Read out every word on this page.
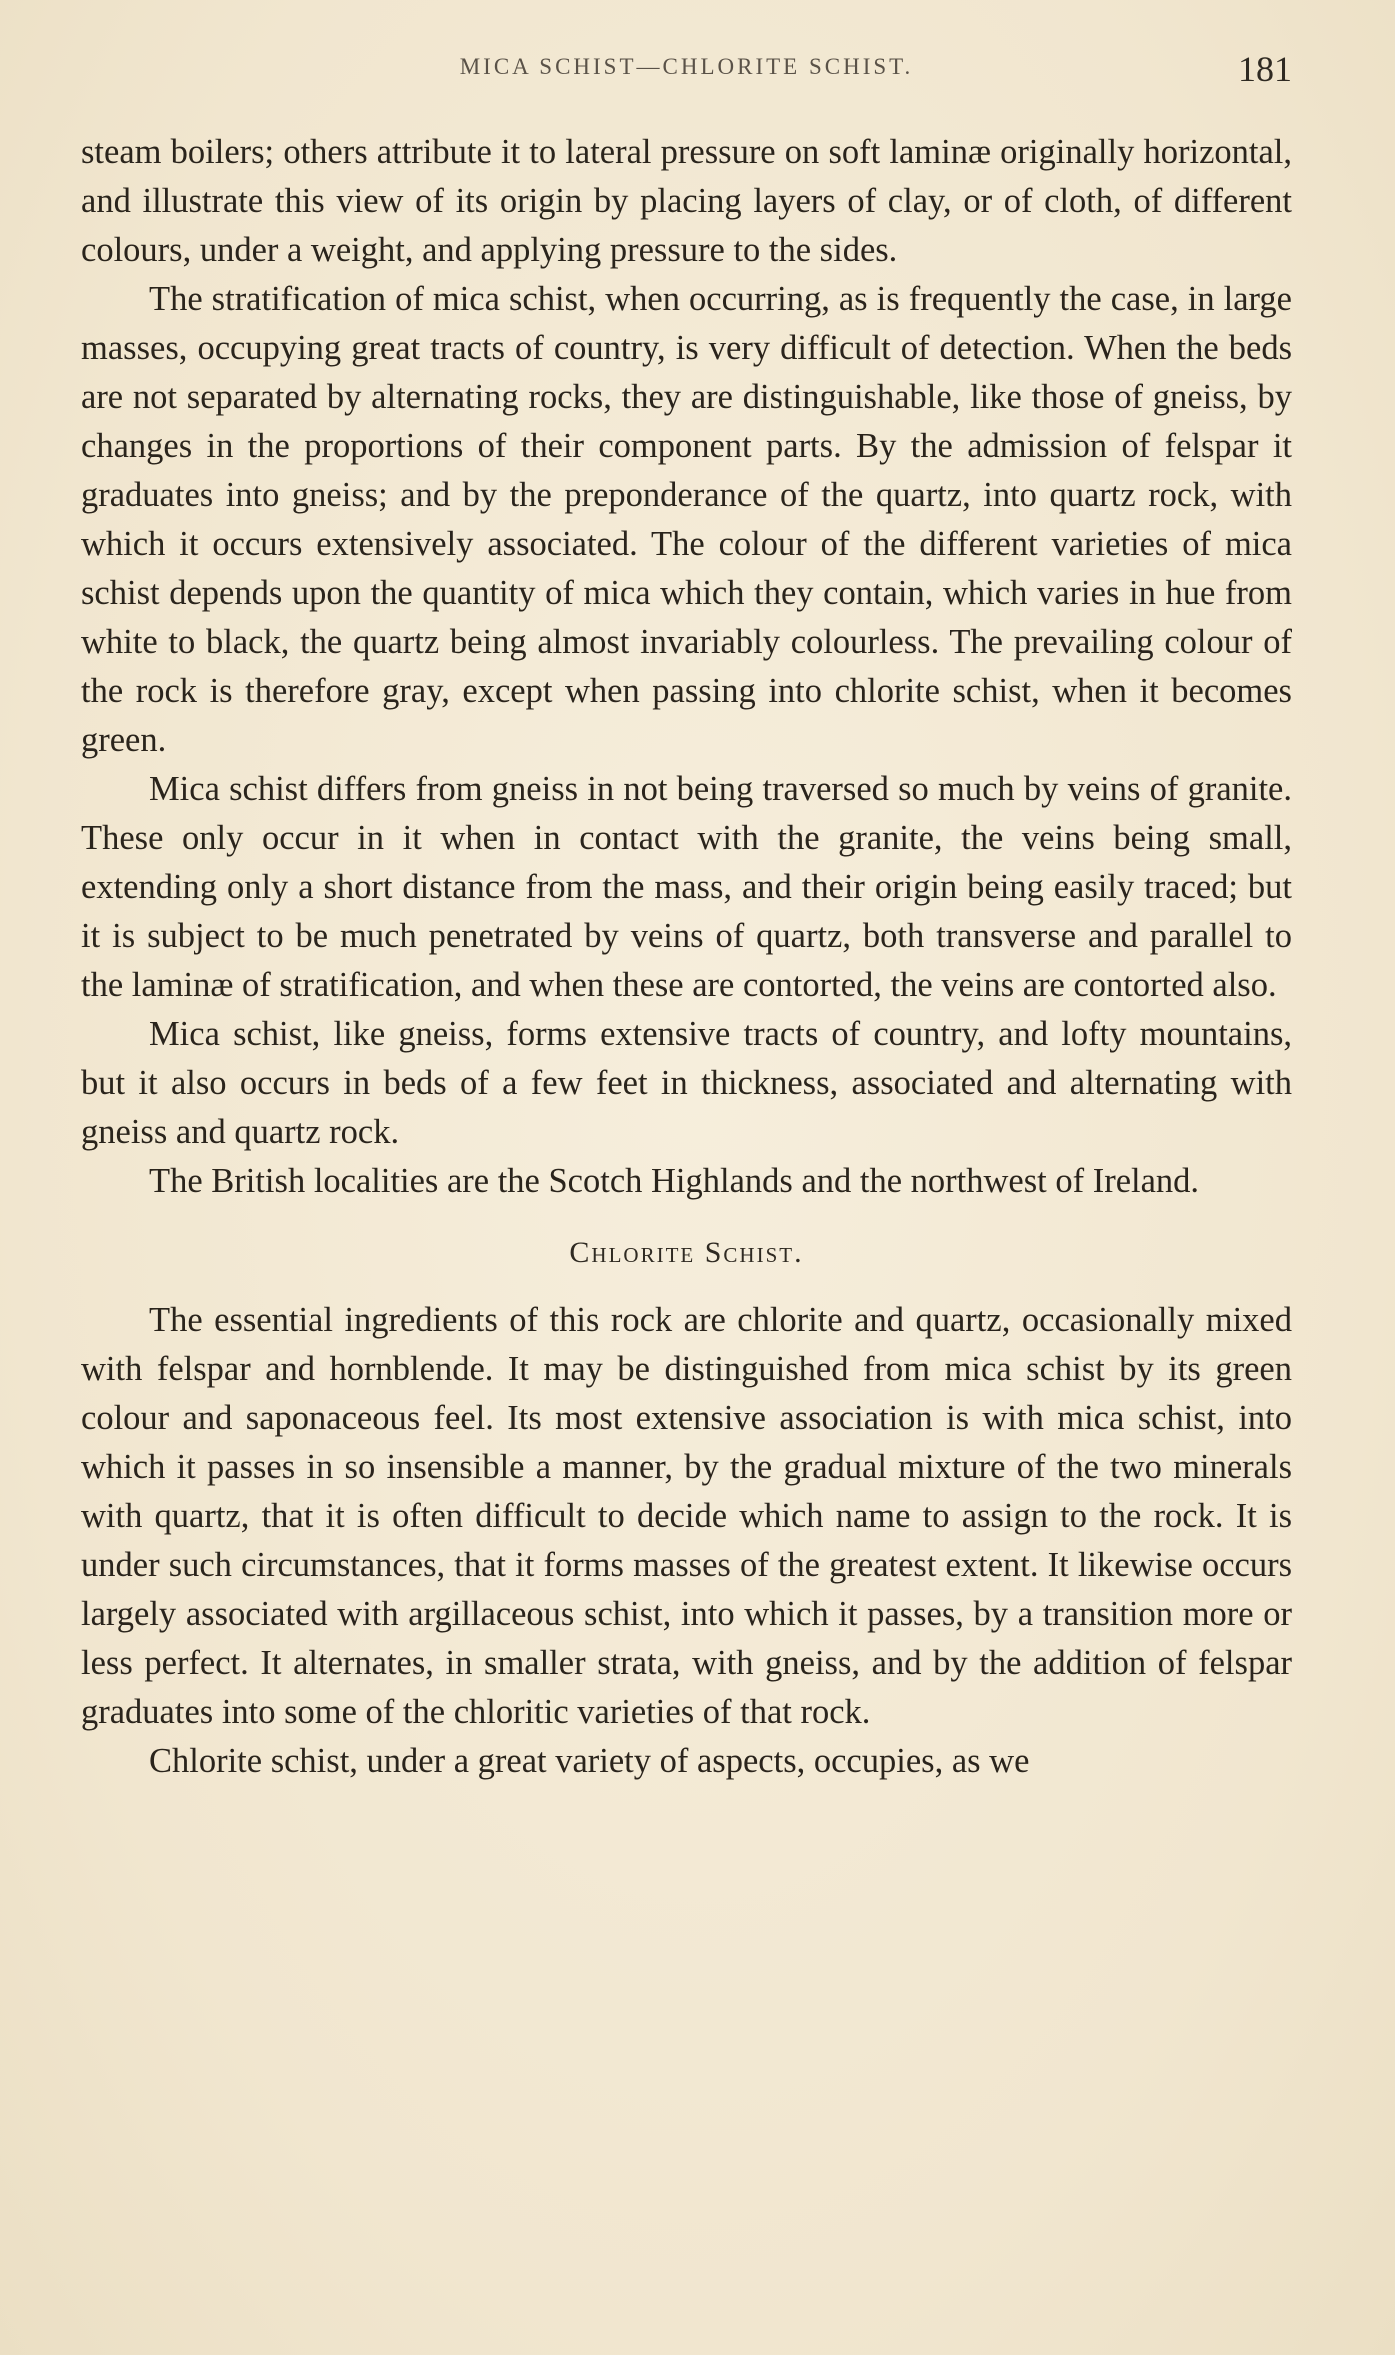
MICA SCHIST—CHLORITE SCHIST.	181

steam boilers; others attribute it to lateral pressure on soft laminæ originally horizontal, and illustrate this view of its origin by placing layers of clay, or of cloth, of different colours, under a weight, and applying pressure to the sides.

The stratification of mica schist, when occurring, as is frequently the case, in large masses, occupying great tracts of country, is very difficult of detection. When the beds are not separated by alternating rocks, they are distinguishable, like those of gneiss, by changes in the proportions of their component parts. By the admission of felspar it graduates into gneiss; and by the preponderance of the quartz, into quartz rock, with which it occurs extensively associated. The colour of the different varieties of mica schist depends upon the quantity of mica which they contain, which varies in hue from white to black, the quartz being almost invariably colourless. The prevailing colour of the rock is therefore gray, except when passing into chlorite schist, when it becomes green.

Mica schist differs from gneiss in not being traversed so much by veins of granite. These only occur in it when in contact with the granite, the veins being small, extending only a short distance from the mass, and their origin being easily traced; but it is subject to be much penetrated by veins of quartz, both transverse and parallel to the laminæ of stratification, and when these are contorted, the veins are contorted also.

Mica schist, like gneiss, forms extensive tracts of country, and lofty mountains, but it also occurs in beds of a few feet in thickness, associated and alternating with gneiss and quartz rock.

The British localities are the Scotch Highlands and the northwest of Ireland.

Chlorite Schist.

The essential ingredients of this rock are chlorite and quartz, occasionally mixed with felspar and hornblende. It may be distinguished from mica schist by its green colour and saponaceous feel. Its most extensive association is with mica schist, into which it passes in so insensible a manner, by the gradual mixture of the two minerals with quartz, that it is often difficult to decide which name to assign to the rock. It is under such circumstances, that it forms masses of the greatest extent. It likewise occurs largely associated with argillaceous schist, into which it passes, by a transition more or less perfect. It alternates, in smaller strata, with gneiss, and by the addition of felspar graduates into some of the chloritic varieties of that rock.

Chlorite schist, under a great variety of aspects, occupies, as we
